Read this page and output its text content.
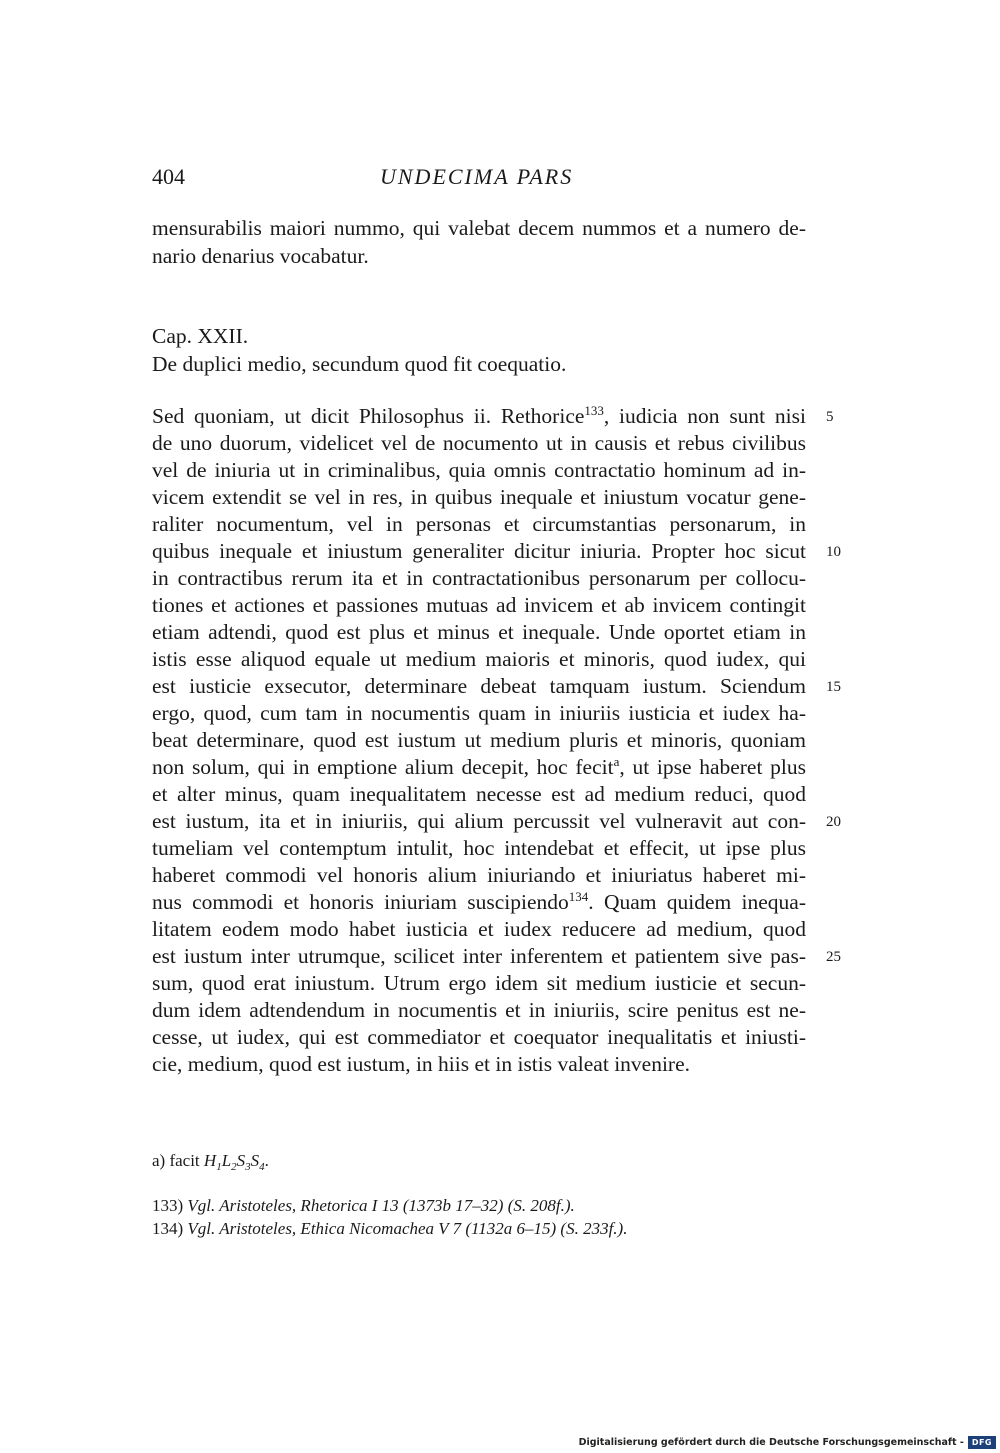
404	UNDECIMA PARS
mensurabilis maiori nummo, qui valebat decem nummos et a numero de-
nario denarius vocabatur.
Cap. XXII.
De duplici medio, secundum quod fit coequatio.
Sed quoniam, ut dicit Philosophus ii. Rethorice$^{133}$, iudicia non sunt nisi
de uno duorum, videlicet vel de nocumento ut in causis et rebus civilibus
vel de iniuria ut in criminalibus, quia omnis contractatio hominum ad in-
vicem extendit se vel in res, in quibus inequale et iniustum vocatur gene-
raliter nocumentum, vel in personas et circumstantias personarum, in
quibus inequale et iniustum generaliter dicitur iniuria. Propter hoc sicut
in contractibus rerum ita et in contractationibus personarum per collocu-
tiones et actiones et passiones mutuas ad invicem et ab invicem contingit
etiam adtendi, quod est plus et minus et inequale. Unde oportet etiam in
istis esse aliquod equale ut medium maioris et minoris, quod iudex, qui
est iusticie exsecutor, determinare debeat tamquam iustum. Sciendum
ergo, quod, cum tam in nocumentis quam in iniuriis iusticia et iudex ha-
beat determinare, quod est iustum ut medium pluris et minoris, quoniam
non solum, qui in emptione alium decepit, hoc fecit$^a$, ut ipse haberet plus
et alter minus, quam inequalitatem necesse est ad medium reduci, quod
est iustum, ita et in iniuriis, qui alium percussit vel vulneravit aut con-
tumeliam vel contemptum intulit, hoc intendebat et effecit, ut ipse plus
haberet commodi vel honoris alium iniuriando et iniuriatus haberet mi-
nus commodi et honoris iniuriam suscipiendo$^{134}$. Quam quidem inequa-
litatem eodem modo habet iusticia et iudex reducere ad medium, quod
est iustum inter utrumque, scilicet inter inferentem et patientem sive pas-
sum, quod erat iniustum. Utrum ergo idem sit medium iusticie et secun-
dum idem adtendendum in nocumentis et in iniuriis, scire penitus est ne-
cesse, ut iudex, qui est commediator et coequator inequalitatis et iniusti-
cie, medium, quod est iustum, in hiis et in istis valeat invenire.
5
10
15
20
25
a) facit $H_1L_2S_3S_4$.
133) Vgl. Aristoteles, Rhetorica I 13 (1373b 17–32) (S. 208f.).
134) Vgl. Aristoteles, Ethica Nicomachea V 7 (1132a 6–15) (S. 233f.).
Digitalisierung gefördert durch die Deutsche Forschungsgemeinschaft -	DFG
